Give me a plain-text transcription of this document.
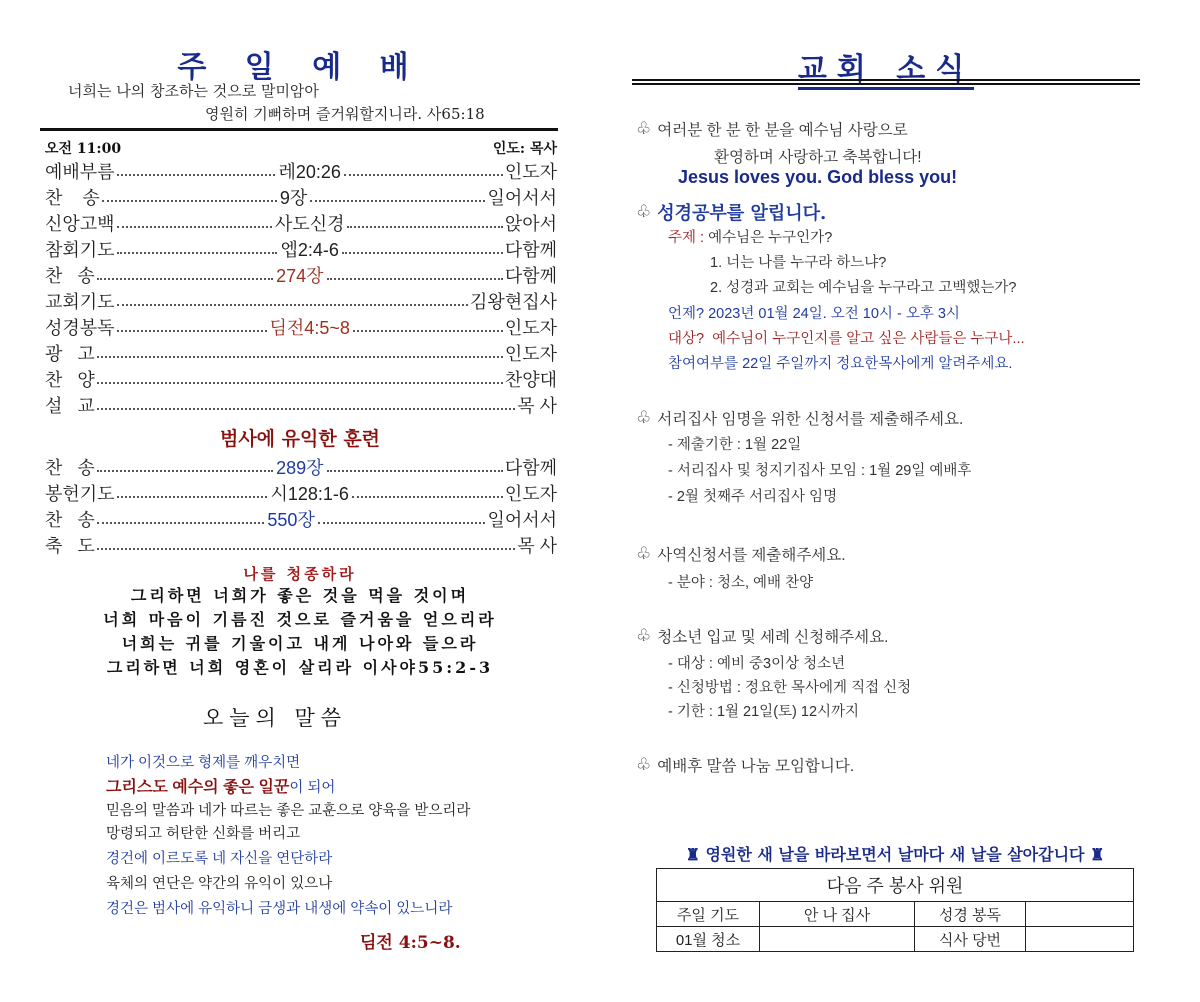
주 일 예 배
너희는 나의 창조하는 것으로 말미암아
영원히 기뻐하며 즐거워할지니라. 사65:18
오전 11:00	인도: 목사
예배부름	레20:26	인도자
찬    송	9장	일어서서
신앙고백	사도신경	앉아서
참회기도	엡2:4-6	다함께
찬   송	274장	다함께
교회기도	김왕현집사
성경봉독	딤전4:5~8	인도자
광   고	인도자
찬   양	찬양대
설   교	목 사
범사에 유익한 훈련
찬   송	289장	다함께
봉헌기도	시128:1-6	인도자
찬   송	550장	일어서서
축   도	목 사
나를 청종하라
그리하면 너희가 좋은 것을 먹을 것이며
너희 마음이 기름진 것으로 즐거움을 얻으리라
너희는 귀를 기울이고 내게 나아와 들으라
그리하면 너희 영혼이 살리라 이사야55:2-3
오늘의 말씀
네가 이것으로 형제를 깨우치면
그리스도 예수의 좋은 일꾼이 되어
믿음의 말씀과 네가 따르는 좋은 교훈으로 양육을 받으리라
망령되고 허탄한 신화를 버리고
경건에 이르도록 네 자신을 연단하라
육체의 연단은 약간의 유익이 있으나
경건은 범사에 유익하니 금생과 내생에 약속이 있느니라
딤전 4:5~8.
교회 소식
♧ 여러분 한 분 한 분을 예수님 사랑으로
환영하며 사랑하고 축복합니다!
Jesus loves you. God bless you!
♧ 성경공부를 알립니다.
주제 : 예수님은 누구인가?
1. 너는 나를 누구라 하느냐?
2. 성경과 교회는 예수님을 누구라고 고백했는가?
언제? 2023년 01월 24일. 오전 10시 - 오후 3시
대상? 예수님이 누구인지를 알고 싶은 사람들은 누구나...
참여여부를 22일 주일까지 정요한목사에게 알려주세요.
♧ 서리집사 임명을 위한 신청서를 제출해주세요.
- 제출기한 : 1월 22일
- 서리집사 및 청지기집사 모임 : 1월 29일 예배후
- 2월 첫째주 서리집사 임명
♧ 사역신청서를 제출해주세요.
- 분야 : 청소, 예배 찬양
♧ 청소년 입교 및 세례 신청해주세요.
- 대상 : 예비 중3이상 청소년
- 신청방법 : 정요한 목사에게 직접 신청
- 기한 : 1월 21일(토) 12시까지
♧ 예배후 말씀 나눔 모임합니다.
♜ 영원한 새 날을 바라보면서 날마다 새 날을 살아갑니다 ♜
다음 주 봉사 위원			
주일 기도	안 나 집사	성경 봉독	
01월 청소		식사 당번	
